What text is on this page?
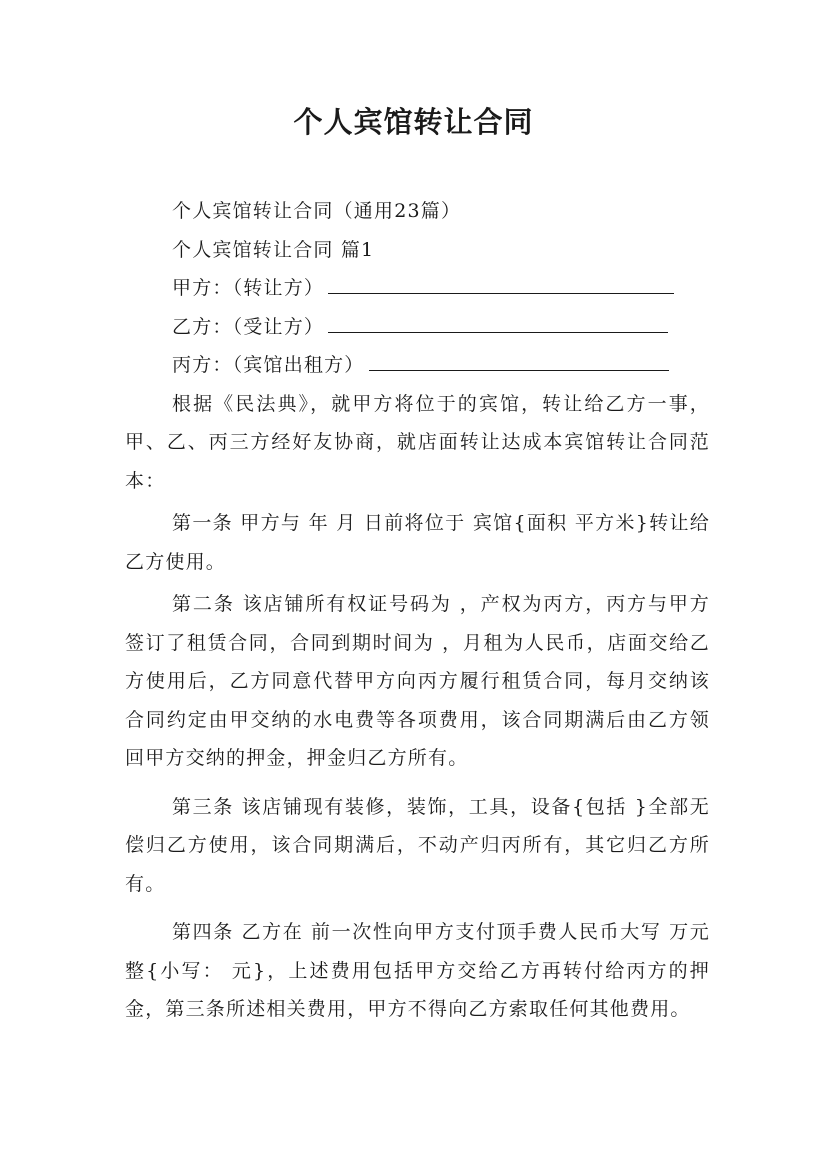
个人宾馆转让合同

个人宾馆转让合同（通用23篇）

个人宾馆转让合同 篇1

甲方：（转让方）

乙方：（受让方）

丙方：（宾馆出租方）

根据《民法典》，就甲方将位于的宾馆，转让给乙方一事，甲、乙、丙三方经好友协商，就店面转让达成本宾馆转让合同范本：

第一条 甲方与 年 月 日前将位于 宾馆{面积 平方米}转让给乙方使用。

第二条 该店铺所有权证号码为 ，产权为丙方，丙方与甲方签订了租赁合同，合同到期时间为 ，月租为人民币，店面交给乙方使用后，乙方同意代替甲方向丙方履行租赁合同，每月交纳该合同约定由甲交纳的水电费等各项费用，该合同期满后由乙方领回甲方交纳的押金，押金归乙方所有。

第三条 该店铺现有装修，装饰，工具，设备{包括 }全部无偿归乙方使用，该合同期满后，不动产归丙所有，其它归乙方所有。

第四条 乙方在 前一次性向甲方支付顶手费人民币大写 万元整{小写： 元}，上述费用包括甲方交给乙方再转付给丙方的押金，第三条所述相关费用，甲方不得向乙方索取任何其他费用。
